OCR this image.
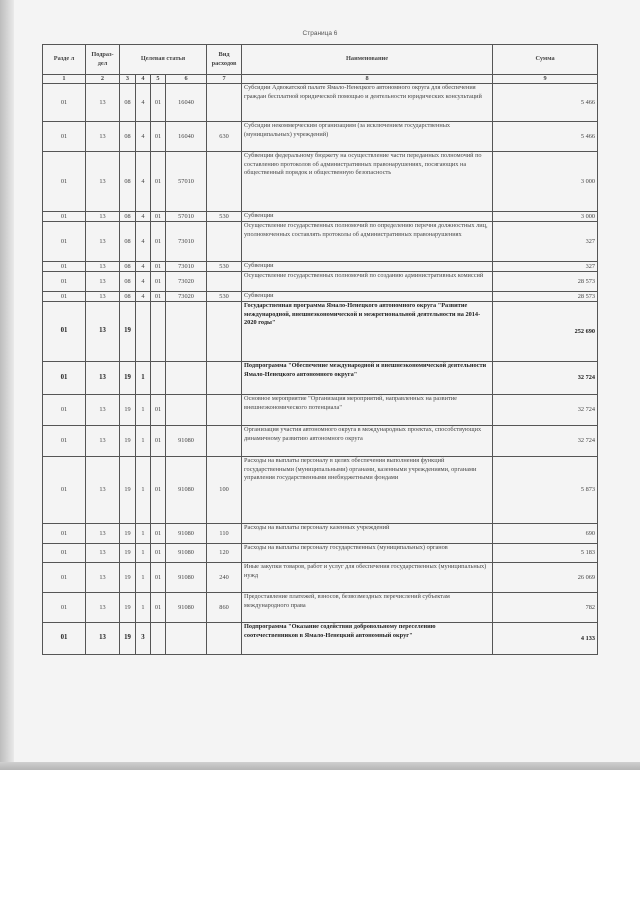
Страница 6
Разде л	Подраз- дел	Целевая статья				Вид расходов	Наименование	Сумма
1	2	3	4	5	6	7	8	9
01	13	08	4	01	16040		Субсидии Адвокатской палате Ямало-Ненецкого автономного округа для обеспечения граждан бесплатной юридической помощью и деятельности юридических консультаций	5 466
01	13	08	4	01	16040	630	Субсидии некоммерческим организациям (за исключением государственных (муниципальных) учреждений)	5 466
01	13	08	4	01	57010		Субвенции федеральному бюджету на осуществление части переданных полномочий по составлению протоколов об административных правонарушениях, посягающих на общественный порядок и общественную безопасность	3 000
01	13	08	4	01	57010	530	Субвенции	3 000
01	13	08	4	01	73010		Осуществление государственных полномочий по определению перечня должностных лиц, уполномоченных составлять протоколы об административных правонарушениях	327
01	13	08	4	01	73010	530	Субвенции	327
01	13	08	4	01	73020		Осуществление государственных полномочий по созданию административных комиссий	28 573
01	13	08	4	01	73020	530	Субвенции	28 573
01	13	19					Государственная программа Ямало-Ненецкого автономного округа "Развитие международной, внешнеэкономической и межрегиональной деятельности на 2014-2020 годы"	252 690
01	13	19	1				Подпрограмма "Обеспечение международной и внешнеэкономической деятельности Ямало-Ненецкого автономного округа"	32 724
01	13	19	1	01			Основное мероприятие "Организация мероприятий, направленных на развитие внешнеэкономического потенциала"	32 724
01	13	19	1	01	91080		Организация участия автономного округа в международных проектах, способствующих динамичному развитию автономного округа	32 724
01	13	19	1	01	91080	100	Расходы на выплаты персоналу в целях обеспечения выполнения функций государственными (муниципальными) органами, казенными учреждениями, органами управления государственными внебюджетными фондами	5 873
01	13	19	1	01	91080	110	Расходы на выплаты персоналу казенных учреждений	690
01	13	19	1	01	91080	120	Расходы на выплаты персоналу государственных (муниципальных) органов	5 183
01	13	19	1	01	91080	240	Иные закупки товаров, работ и услуг для обеспечения государственных (муниципальных) нужд	26 069
01	13	19	1	01	91080	860	Предоставление платежей, взносов, безвозмездных перечислений субъектам международного права	782
01	13	19	3				Подпрограмма "Оказание содействия добровольному переселению соотечественников в Ямало-Ненецкий автономный округ"	4 133
